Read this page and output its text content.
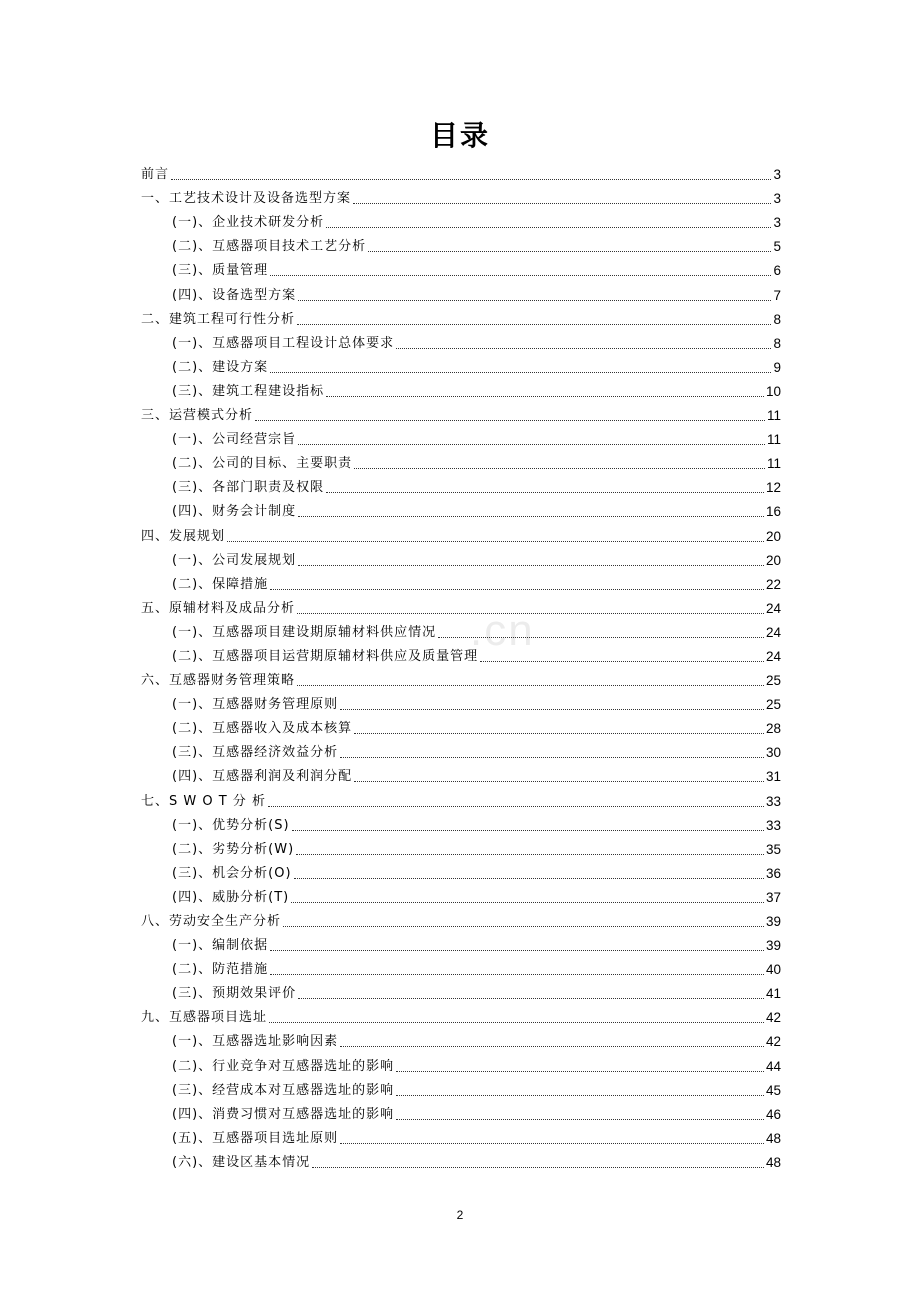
目录
前言	3
一、工艺技术设计及设备选型方案	3
(一)、企业技术研发分析	3
(二)、互感器项目技术工艺分析	5
(三)、质量管理	6
(四)、设备选型方案	7
二、建筑工程可行性分析	8
(一)、互感器项目工程设计总体要求	8
(二)、建设方案	9
(三)、建筑工程建设指标	10
三、运营模式分析	11
(一)、公司经营宗旨	11
(二)、公司的目标、主要职责	11
(三)、各部门职责及权限	12
(四)、财务会计制度	16
四、发展规划	20
(一)、公司发展规划	20
(二)、保障措施	22
五、原辅材料及成品分析	24
(一)、互感器项目建设期原辅材料供应情况	24
(二)、互感器项目运营期原辅材料供应及质量管理	24
六、互感器财务管理策略	25
(一)、互感器财务管理原则	25
(二)、互感器收入及成本核算	28
(三)、互感器经济效益分析	30
(四)、互感器利润及利润分配	31
七、S W O T 分 析	33
(一)、优势分析(S)	33
(二)、劣势分析(W)	35
(三)、机会分析(O)	36
(四)、威胁分析(T)	37
八、劳动安全生产分析	39
(一)、编制依据	39
(二)、防范措施	40
(三)、预期效果评价	41
九、互感器项目选址	42
(一)、互感器选址影响因素	42
(二)、行业竞争对互感器选址的影响	44
(三)、经营成本对互感器选址的影响	45
(四)、消费习惯对互感器选址的影响	46
(五)、互感器项目选址原则	48
(六)、建设区基本情况	48
.cn
2
